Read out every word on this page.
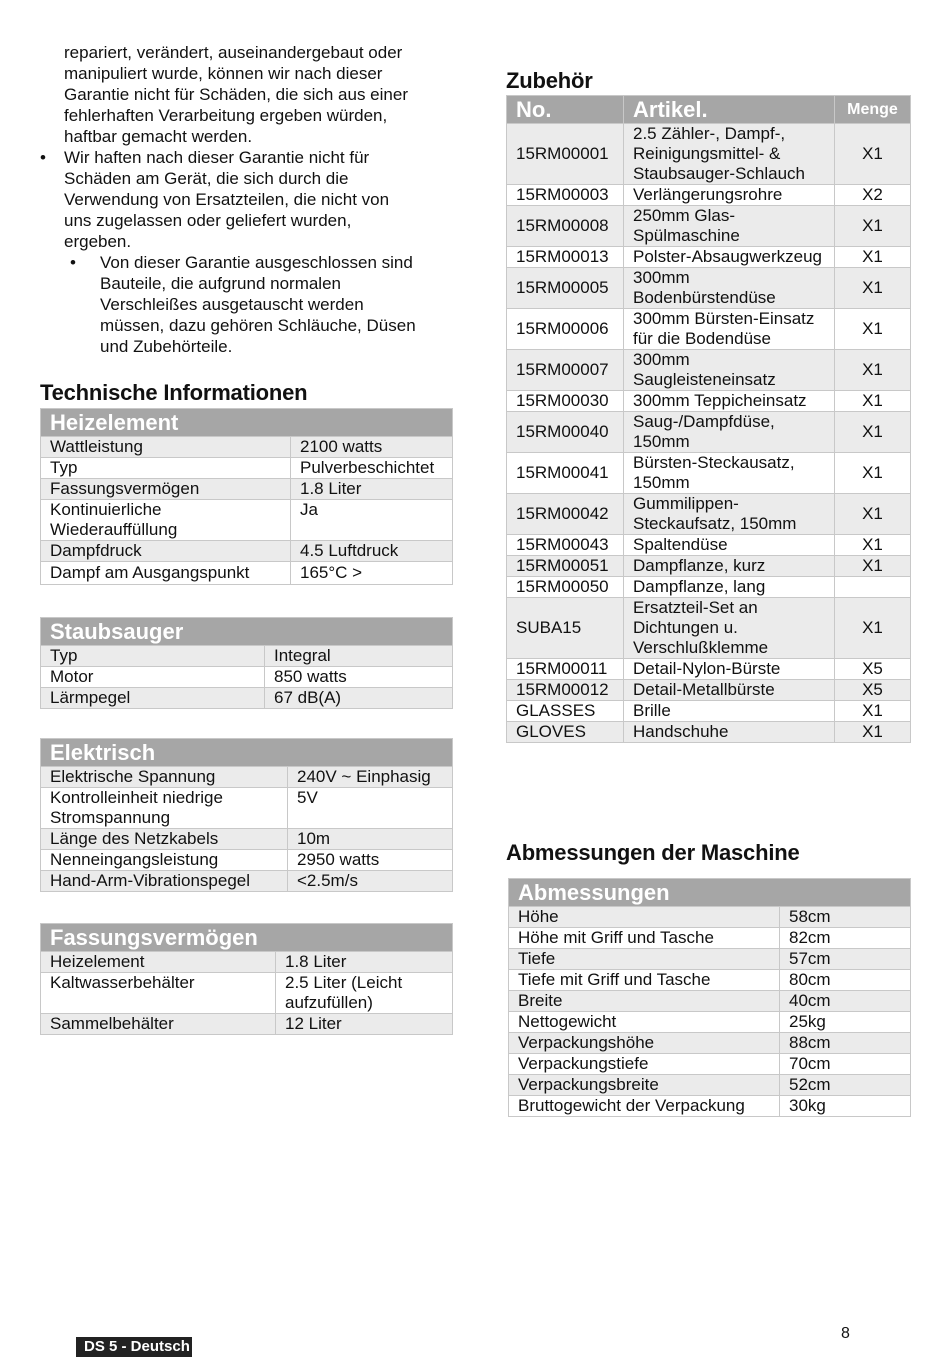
repariert, verändert, auseinandergebaut oder
manipuliert wurde, können wir nach dieser
Garantie nicht für Schäden, die sich aus einer
fehlerhaften Verarbeitung ergeben würden,
haftbar gemacht werden.
• Wir haften nach dieser Garantie nicht für
Schäden am Gerät, die sich durch die
Verwendung von Ersatzteilen, die nicht von
uns zugelassen oder geliefert wurden,
ergeben.
• Von dieser Garantie ausgeschlossen sind
Bauteile, die aufgrund normalen
Verschleißes ausgetauscht werden
müssen, dazu gehören Schläuche, Düsen
und Zubehörteile.
Technische Informationen
Heizelement	
Wattleistung	2100 watts
Typ	Pulverbeschichtet
Fassungsvermögen	1.8 Liter
Kontinuierliche Wiederauffüllung	Ja
Dampfdruck	4.5 Luftdruck
Dampf am Ausgangspunkt	165°C >
Staubsauger	
Typ	Integral
Motor	850 watts
Lärmpegel	67 dB(A)
Elektrisch	
Elektrische Spannung	240V ~ Einphasig
Kontrolleinheit niedrige Stromspannung	5V
Länge des Netzkabels	10m
Nenneingangsleistung	2950 watts
Hand-Arm-Vibrationspegel	<2.5m/s
Fassungsvermögen	
Heizelement	1.8 Liter
Kaltwasserbehälter	2.5 Liter (Leicht aufzufüllen)
Sammelbehälter	12 Liter
Zubehör
No.	Artikel.	Menge
15RM00001	2.5 Zähler-, Dampf-, Reinigungsmittel- & Staubsauger-Schlauch	X1
15RM00003	Verlängerungsrohre	X2
15RM00008	250mm Glas-Spülmaschine	X1
15RM00013	Polster-Absaugwerkzeug	X1
15RM00005	300mm Bodenbürstendüse	X1
15RM00006	300mm Bürsten-Einsatz für die Bodendüse	X1
15RM00007	300mm Saugleisteneinsatz	X1
15RM00030	300mm Teppicheinsatz	X1
15RM00040	Saug-/Dampfdüse, 150mm	X1
15RM00041	Bürsten-Steckausatz, 150mm	X1
15RM00042	Gummilippen-Steckaufsatz, 150mm	X1
15RM00043	Spaltendüse	X1
15RM00051	Dampflanze, kurz	X1
15RM00050	Dampflanze, lang	
SUBA15	Ersatzteil-Set an Dichtungen u. Verschlußklemme	X1
15RM00011	Detail-Nylon-Bürste	X5
15RM00012	Detail-Metallbürste	X5
GLASSES	Brille	X1
GLOVES	Handschuhe	X1
Abmessungen der Maschine
Abmessungen	
Höhe	58cm
Höhe mit Griff und Tasche	82cm
Tiefe	57cm
Tiefe mit Griff und Tasche	80cm
Breite	40cm
Nettogewicht	25kg
Verpackungshöhe	88cm
Verpackungstiefe	70cm
Verpackungsbreite	52cm
Bruttogewicht der Verpackung	30kg
8
DS 5 - Deutsch
